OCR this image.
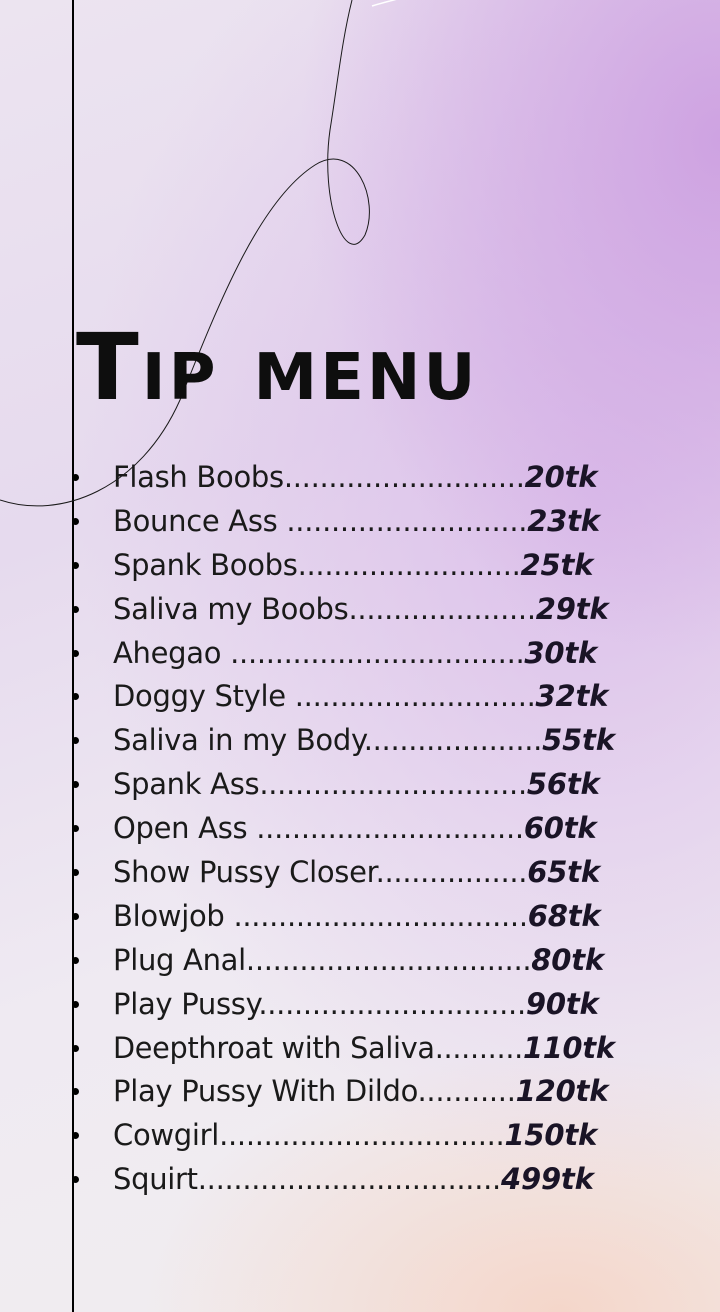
Tip menu
Flash Boobs...........................20tk
Bounce Ass ...........................23tk
Spank Boobs.........................25tk
Saliva my Boobs.....................29tk
Ahegao .................................30tk
Doggy Style ...........................32tk
Saliva in my Body....................55tk
Spank Ass..............................56tk
Open Ass ..............................60tk
Show Pussy Closer.................65tk
Blowjob .................................68tk
Plug Anal................................80tk
Play Pussy..............................90tk
Deepthroat with Saliva..........110tk
Play Pussy With Dildo...........120tk
Cowgirl................................150tk
Squirt..................................499tk
